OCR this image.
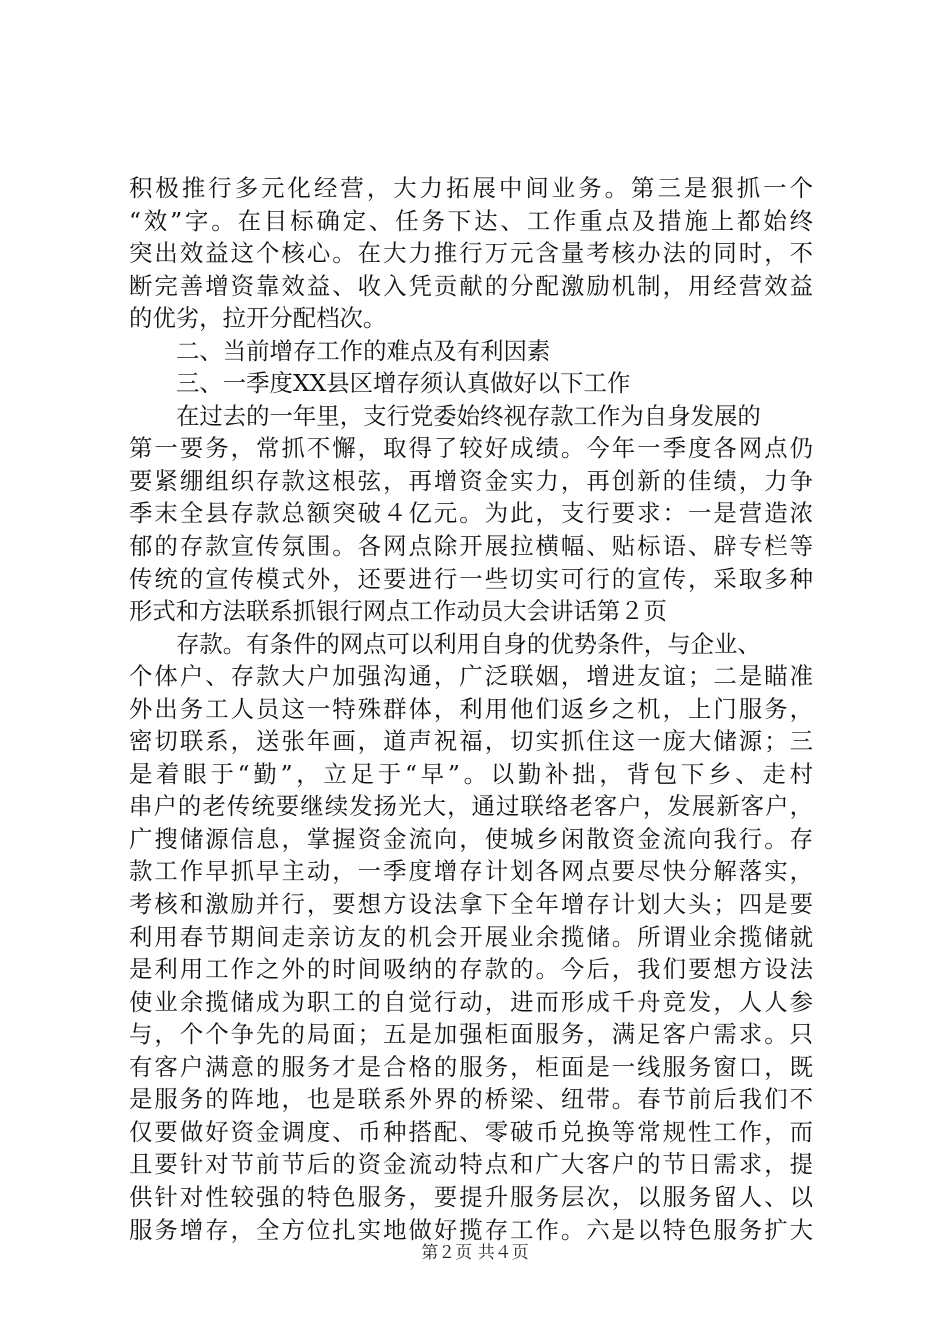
积极推行多元化经营，大力拓展中间业务。第三是狠抓一个
“效”字。在目标确定、任务下达、工作重点及措施上都始终
突出效益这个核心。在大力推行万元含量考核办法的同时，不
断完善增资靠效益、收入凭贡献的分配激励机制，用经营效益
的优劣，拉开分配档次。
二、当前增存工作的难点及有利因素
三、一季度XX县区增存须认真做好以下工作
在过去的一年里，支行党委始终视存款工作为自身发展的
第一要务，常抓不懈，取得了较好成绩。今年一季度各网点仍
要紧绷组织存款这根弦，再增资金实力，再创新的佳绩，力争
季末全县存款总额突破４亿元。为此，支行要求：一是营造浓
郁的存款宣传氛围。各网点除开展拉横幅、贴标语、辟专栏等
传统的宣传模式外，还要进行一些切实可行的宣传，采取多种
形式和方法联系抓银行网点工作动员大会讲话第２页
存款。有条件的网点可以利用自身的优势条件，与企业、
个体户、存款大户加强沟通，广泛联姻，增进友谊；二是瞄准
外出务工人员这一特殊群体，利用他们返乡之机，上门服务，
密切联系，送张年画，道声祝福，切实抓住这一庞大储源；三
是着眼于“勤”，立足于“早”。以勤补拙，背包下乡、走村
串户的老传统要继续发扬光大，通过联络老客户，发展新客户，
广搜储源信息，掌握资金流向，使城乡闲散资金流向我行。存
款工作早抓早主动，一季度增存计划各网点要尽快分解落实，
考核和激励并行，要想方设法拿下全年增存计划大头；四是要
利用春节期间走亲访友的机会开展业余揽储。所谓业余揽储就
是利用工作之外的时间吸纳的存款的。今后，我们要想方设法
使业余揽储成为职工的自觉行动，进而形成千舟竞发，人人参
与，个个争先的局面；五是加强柜面服务，满足客户需求。只
有客户满意的服务才是合格的服务，柜面是一线服务窗口，既
是服务的阵地，也是联系外界的桥梁、纽带。春节前后我们不
仅要做好资金调度、币种搭配、零破币兑换等常规性工作，而
且要针对节前节后的资金流动特点和广大客户的节日需求，提
供针对性较强的特色服务，要提升服务层次，以服务留人、以
服务增存，全方位扎实地做好揽存工作。六是以特色服务扩大
第２页 共４页
